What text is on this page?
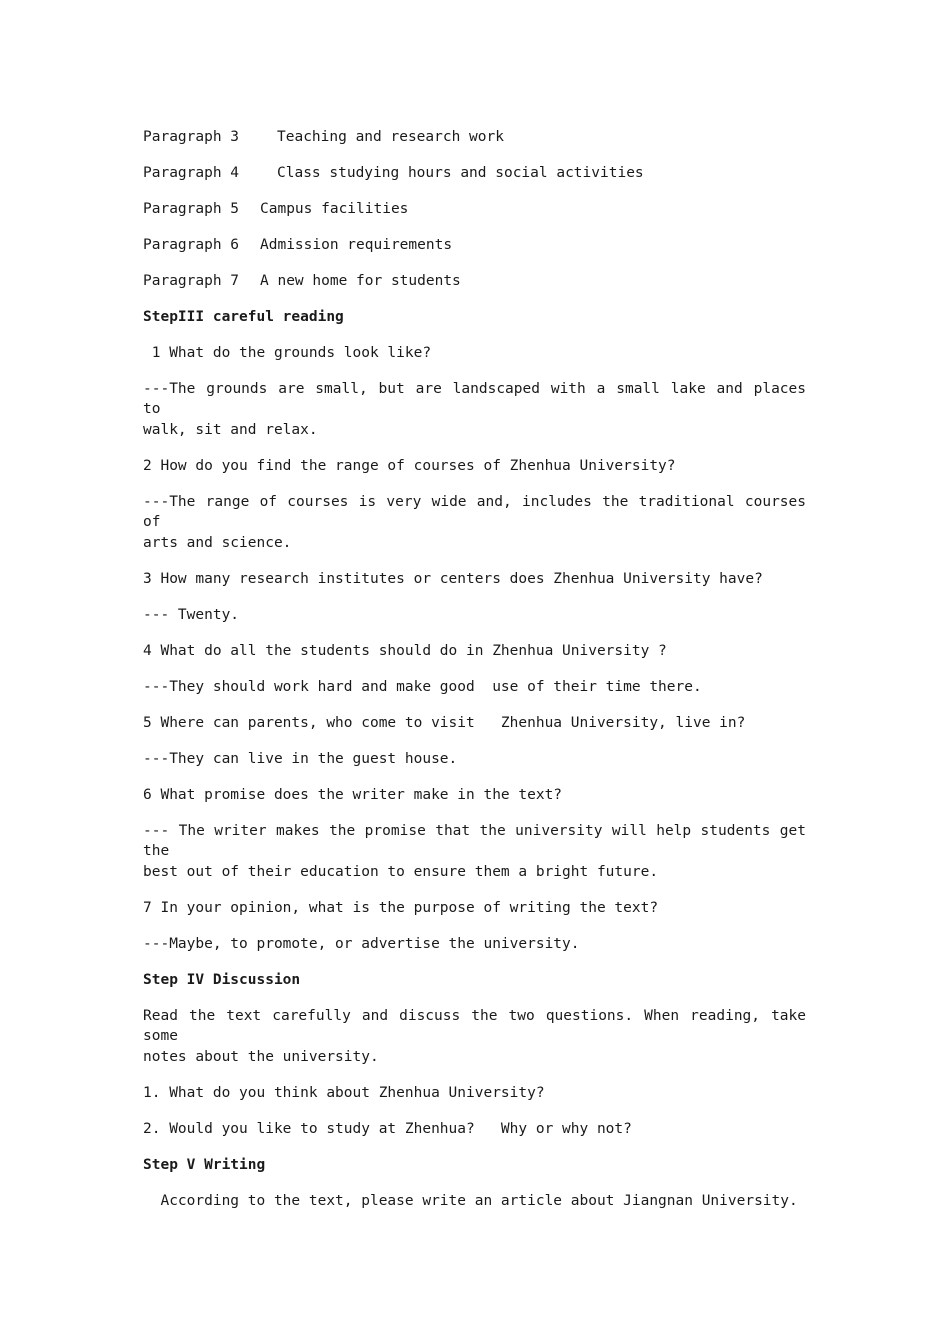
Paragraph 3	Teaching and research work
Paragraph 4	Class studying hours and social activities
Paragraph 5 Campus facilities
Paragraph 6 Admission requirements
Paragraph 7 A new home for students
StepIII careful reading
1 What do the grounds look like?
---The grounds are small, but are landscaped with a small lake and places to
walk, sit and relax.
2 How do you find the range of courses of Zhenhua University?
---The range of courses is very wide and, includes the traditional courses of
arts and science.
3 How many research institutes or centers does Zhenhua University have?
--- Twenty.
4 What do all the students should do in Zhenhua University ?
---They should work hard and make good  use of their time there.
5 Where can parents, who come to visit   Zhenhua University, live in?
---They can live in the guest house.
6 What promise does the writer make in the text?
--- The writer makes the promise that the university will help students get the
best out of their education to ensure them a bright future.
7 In your opinion, what is the purpose of writing the text?
---Maybe, to promote, or advertise the university.
Step IV Discussion
Read the text carefully and discuss the two questions. When reading, take some
notes about the university.
1. What do you think about Zhenhua University?
2. Would you like to study at Zhenhua?   Why or why not?
Step V Writing
According to the text, please write an article about Jiangnan University.
